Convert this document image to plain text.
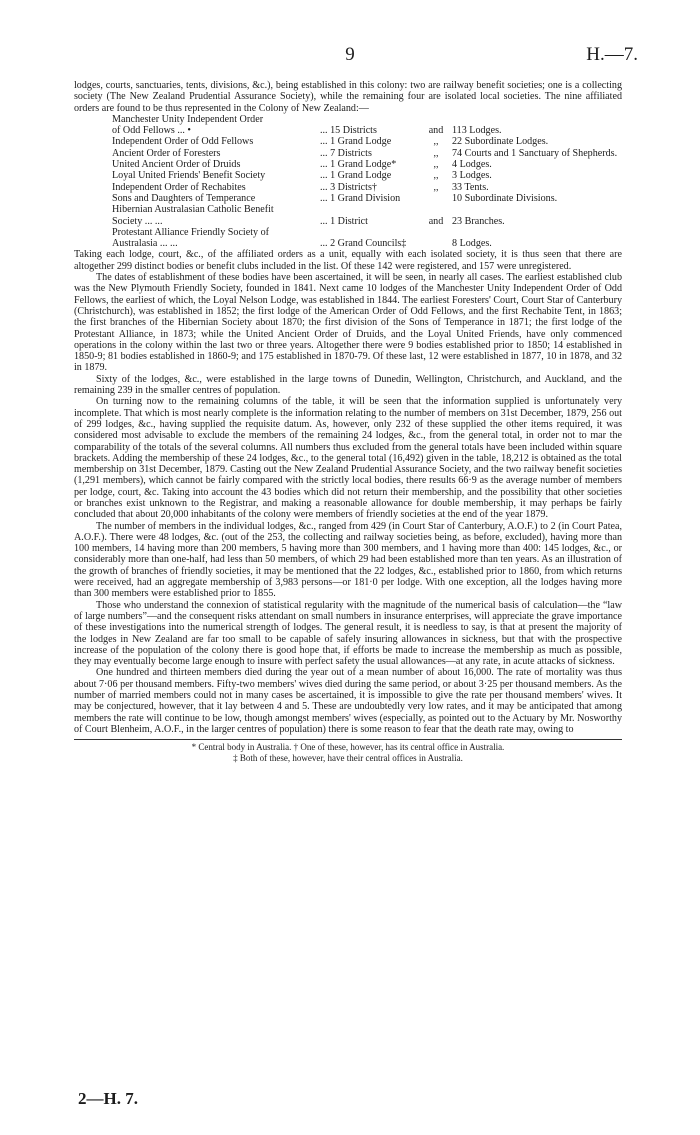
9	H.—7.

lodges, courts, sanctuaries, tents, divisions, &c.), being established in this colony: two are railway benefit societies; one is a collecting society (The New Zealand Prudential Assurance Society), while the remaining four are isolated local societies. The nine affiliated orders are found to be thus represented in the Colony of New Zealand:—

Manchester Unity Independent Order			
of Odd Fellows ... •	... 15 Districts	and	113 Lodges.
Independent Order of Odd Fellows	... 1 Grand Lodge	,,	22 Subordinate Lodges.
Ancient Order of Foresters	... 7 Districts	,,	74 Courts and 1 Sanctuary of Shepherds.
United Ancient Order of Druids	... 1 Grand Lodge*	,,	4 Lodges.
Loyal United Friends' Benefit Society	... 1 Grand Lodge	,,	3 Lodges.
Independent Order of Rechabites	... 3 Districts†	,,	33 Tents.
Sons and Daughters of Temperance	... 1 Grand Division		10 Subordinate Divisions.
Hibernian Australasian Catholic Benefit			
Society ... ...	... 1 District	and	23 Branches.
Protestant Alliance Friendly Society of			
Australasia ... ...	... 2 Grand Councils‡		8 Lodges.

Taking each lodge, court, &c., of the affiliated orders as a unit, equally with each isolated society, it is thus seen that there are altogether 299 distinct bodies or benefit clubs included in the list. Of these 142 were registered, and 157 were unregistered.

The dates of establishment of these bodies have been ascertained, it will be seen, in nearly all cases. The earliest established club was the New Plymouth Friendly Society, founded in 1841. Next came 10 lodges of the Manchester Unity Independent Order of Odd Fellows, the earliest of which, the Loyal Nelson Lodge, was established in 1844. The earliest Foresters' Court, Court Star of Canterbury (Christchurch), was established in 1852; the first lodge of the American Order of Odd Fellows, and the first Rechabite Tent, in 1863; the first branches of the Hibernian Society about 1870; the first division of the Sons of Temperance in 1871; the first lodge of the Protestant Alliance, in 1873; while the United Ancient Order of Druids, and the Loyal United Friends, have only commenced operations in the colony within the last two or three years. Altogether there were 9 bodies established prior to 1850; 14 established in 1850-9; 81 bodies established in 1860-9; and 175 established in 1870-79. Of these last, 12 were established in 1877, 10 in 1878, and 32 in 1879.

Sixty of the lodges, &c., were established in the large towns of Dunedin, Wellington, Christchurch, and Auckland, and the remaining 239 in the smaller centres of population.

On turning now to the remaining columns of the table, it will be seen that the information supplied is unfortunately very incomplete. That which is most nearly complete is the information relating to the number of members on 31st December, 1879, 256 out of 299 lodges, &c., having supplied the requisite datum. As, however, only 232 of these supplied the other items required, it was considered most advisable to exclude the members of the remaining 24 lodges, &c., from the general total, in order not to mar the comparability of the totals of the several columns. All numbers thus excluded from the general totals have been included within square brackets. Adding the membership of these 24 lodges, &c., to the general total (16,492) given in the table, 18,212 is obtained as the total membership on 31st December, 1879. Casting out the New Zealand Prudential Assurance Society, and the two railway benefit societies (1,291 members), which cannot be fairly compared with the strictly local bodies, there results 66·9 as the average number of members per lodge, court, &c. Taking into account the 43 bodies which did not return their membership, and the possibility that other societies or branches exist unknown to the Registrar, and making a reasonable allowance for double membership, it may perhaps be fairly concluded that about 20,000 inhabitants of the colony were members of friendly societies at the end of the year 1879.

The number of members in the individual lodges, &c., ranged from 429 (in Court Star of Canterbury, A.O.F.) to 2 (in Court Patea, A.O.F.). There were 48 lodges, &c. (out of the 253, the collecting and railway societies being, as before, excluded), having more than 100 members, 14 having more than 200 members, 5 having more than 300 members, and 1 having more than 400: 145 lodges, &c., or considerably more than one-half, had less than 50 members, of which 29 had been established more than ten years. As an illustration of the growth of branches of friendly societies, it may be mentioned that the 22 lodges, &c., established prior to 1860, from which returns were received, had an aggregate membership of 3,983 persons—or 181·0 per lodge. With one exception, all the lodges having more than 300 members were established prior to 1855.

Those who understand the connexion of statistical regularity with the magnitude of the numerical basis of calculation—the “law of large numbers”—and the consequent risks attendant on small numbers in insurance enterprises, will appreciate the grave importance of these investigations into the numerical strength of lodges. The general result, it is needless to say, is that at present the majority of the lodges in New Zealand are far too small to be capable of safely insuring allowances in sickness, but that with the prospective increase of the population of the colony there is good hope that, if efforts be made to increase the membership as much as possible, they may eventually become large enough to insure with perfect safety the usual allowances—at any rate, in acute attacks of sickness.

One hundred and thirteen members died during the year out of a mean number of about 16,000. The rate of mortality was thus about 7·06 per thousand members. Fifty-two members' wives died during the same period, or about 3·25 per thousand members. As the number of married members could not in many cases be ascertained, it is impossible to give the rate per thousand members' wives. It may be conjectured, however, that it lay between 4 and 5. These are undoubtedly very low rates, and it may be anticipated that among members the rate will continue to be low, though amongst members' wives (especially, as pointed out to the Actuary by Mr. Nosworthy of Court Blenheim, A.O.F., in the larger centres of population) there is some reason to fear that the death rate may, owing to

* Central body in Australia. † One of these, however, has its central office in Australia.
‡ Both of these, however, have their central offices in Australia.
2—H. 7.
